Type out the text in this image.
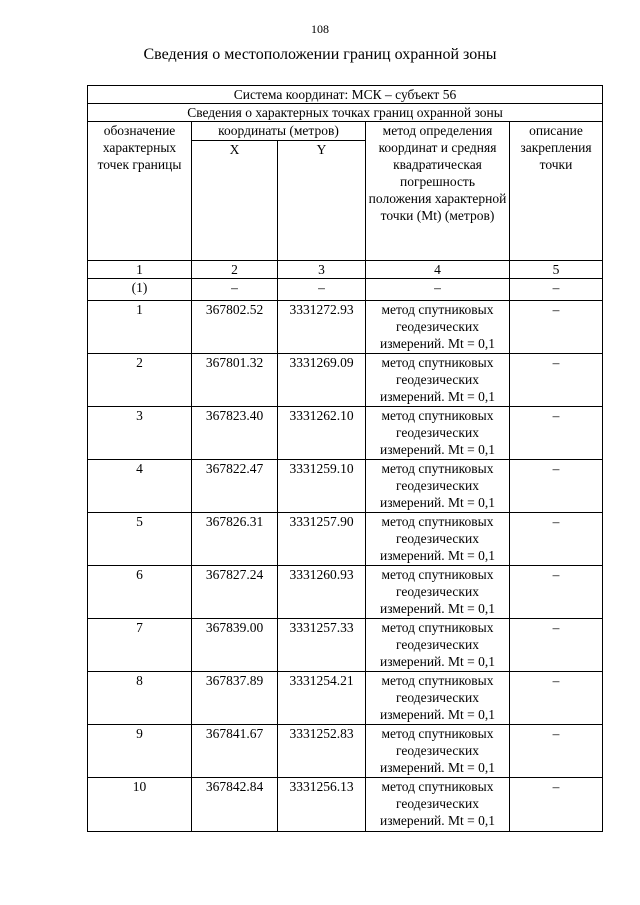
108
Сведения о местоположении границ охранной зоны
Система координат: МСК – субъект 56				
Сведения о характерных точках границ охранной зоны				
обозначение характерных точек границы	координаты (метров)		метод определения координат и средняя квадратическая погрешность положения характерной точки (Mt) (метров)	описание закрепления точки
	X	Y		
1	2	3	4	5
(1)	–	–	–	–
1	367802.52	3331272.93	метод спутниковых геодезических измерений. Mt = 0,1	–
2	367801.32	3331269.09	метод спутниковых геодезических измерений. Mt = 0,1	–
3	367823.40	3331262.10	метод спутниковых геодезических измерений. Mt = 0,1	–
4	367822.47	3331259.10	метод спутниковых геодезических измерений. Mt = 0,1	–
5	367826.31	3331257.90	метод спутниковых геодезических измерений. Mt = 0,1	–
6	367827.24	3331260.93	метод спутниковых геодезических измерений. Mt = 0,1	–
7	367839.00	3331257.33	метод спутниковых геодезических измерений. Mt = 0,1	–
8	367837.89	3331254.21	метод спутниковых геодезических измерений. Mt = 0,1	–
9	367841.67	3331252.83	метод спутниковых геодезических измерений. Mt = 0,1	–
10	367842.84	3331256.13	метод спутниковых геодезических измерений. Mt = 0,1	–
